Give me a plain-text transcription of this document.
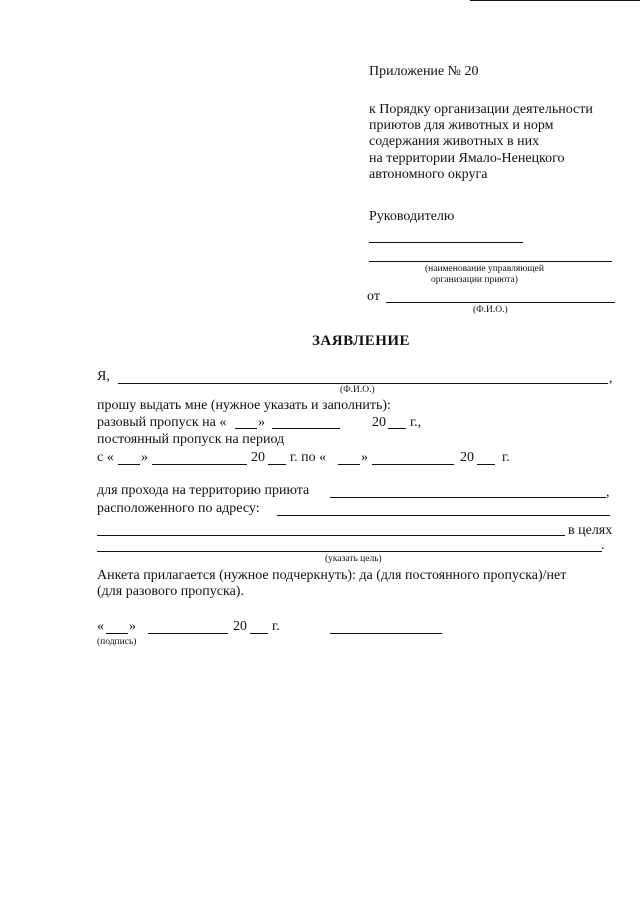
Приложение № 20
к Порядку организации деятельности
приютов для животных и норм
содержания животных в них
на территории Ямало-Ненецкого
автономного округа
Руководителю
(наименование управляющей
организации приюта)
от
(Ф.И.О.)
ЗАЯВЛЕНИЕ
Я,	,
(Ф.И.О.)
прошу выдать мне (нужное указать и заполнить):
разовый пропуск на « »	20 г.,
постоянный пропуск на период
с « »	20 г. по « »	20 г.
для прохода на территорию приюта	,
расположенного по адресу:
в целях
.
(указать цель)
Анкета прилагается (нужное подчеркнуть): да (для постоянного пропуска)/нет
(для разового пропуска).
« »	20 г.
(подпись)
